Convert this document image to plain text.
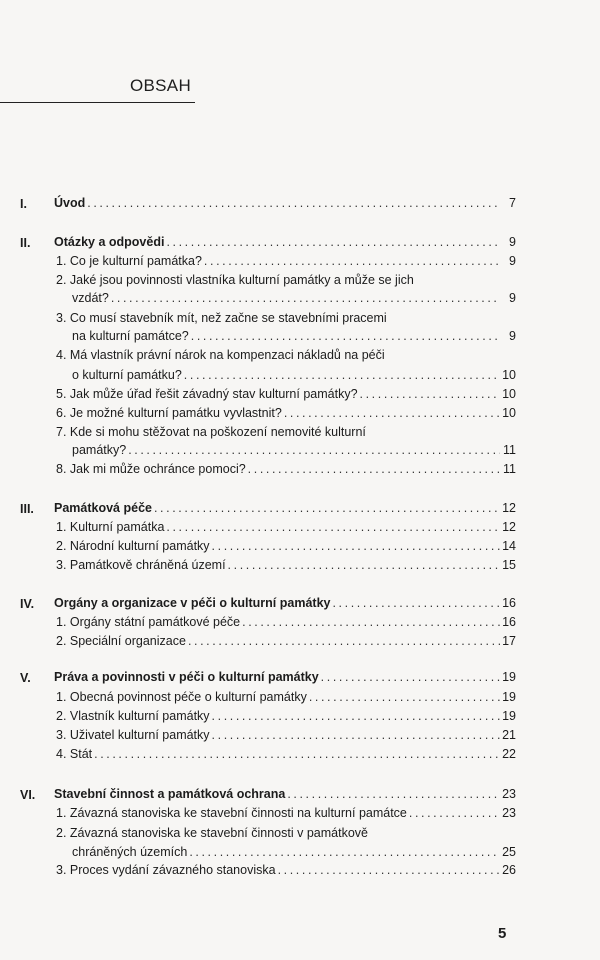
OBSAH
I. Úvod .....	7
II. Otázky a odpovědi .....	9
1. Co je kulturní památka? .....	9
2. Jaké jsou povinnosti vlastníka kulturní památky a může se jich
vzdát? .....	9
3. Co musí stavebník mít, než začne se stavebními pracemi
na kulturní památce? .....	9
4. Má vlastník právní nárok na kompenzaci nákladů na péči
o kulturní památku? .....	10
5. Jak může úřad řešit závadný stav kulturní památky? .....	10
6. Je možné kulturní památku vyvlastnit? .....	10
7. Kde si mohu stěžovat na poškození nemovité kulturní
památky? .....	11
8. Jak mi může ochránce pomoci? .....	11
III. Památková péče .....	12
1. Kulturní památka .....	12
2. Národní kulturní památky .....	14
3. Památkově chráněná území .....	15
IV. Orgány a organizace v péči o kulturní památky .....	16
1. Orgány státní památkové péče .....	16
2. Speciální organizace .....	17
V. Práva a povinnosti v péči o kulturní památky .....	19
1. Obecná povinnost péče o kulturní památky .....	19
2. Vlastník kulturní památky .....	19
3. Uživatel kulturní památky .....	21
4. Stát .....	22
VI. Stavební činnost a památková ochrana .....	23
1. Závazná stanoviska ke stavební činnosti na kulturní památce .....	23
2. Závazná stanoviska ke stavební činnosti v památkově
chráněných územích .....	25
3. Proces vydání závazného stanoviska .....	26
5
